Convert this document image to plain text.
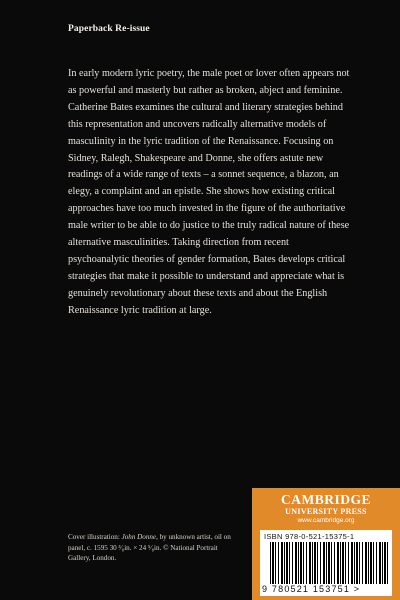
Paperback Re-issue
In early modern lyric poetry, the male poet or lover often appears not as powerful and masterly but rather as broken, abject and feminine. Catherine Bates examines the cultural and literary strategies behind this representation and uncovers radically alternative models of masculinity in the lyric tradition of the Renaissance. Focusing on Sidney, Ralegh, Shakespeare and Donne, she offers astute new readings of a wide range of texts – a sonnet sequence, a blazon, an elegy, a complaint and an epistle. She shows how existing critical approaches have too much invested in the figure of the authoritative male writer to be able to do justice to the truly radical nature of these alternative masculinities. Taking direction from recent psychoanalytic theories of gender formation, Bates develops critical strategies that make it possible to understand and appreciate what is genuinely revolutionary about these texts and about the English Renaissance lyric tradition at large.
Cover illustration: John Donne, by unknown artist, oil on panel, c. 1595 30 ³⁄₈in. × 24 ⁵⁄₈in. © National Portrait Gallery, London.
CAMBRIDGE
UNIVERSITY PRESS
www.cambridge.org
ISBN 978-0-521-15375-1
9 780521 153751 >
